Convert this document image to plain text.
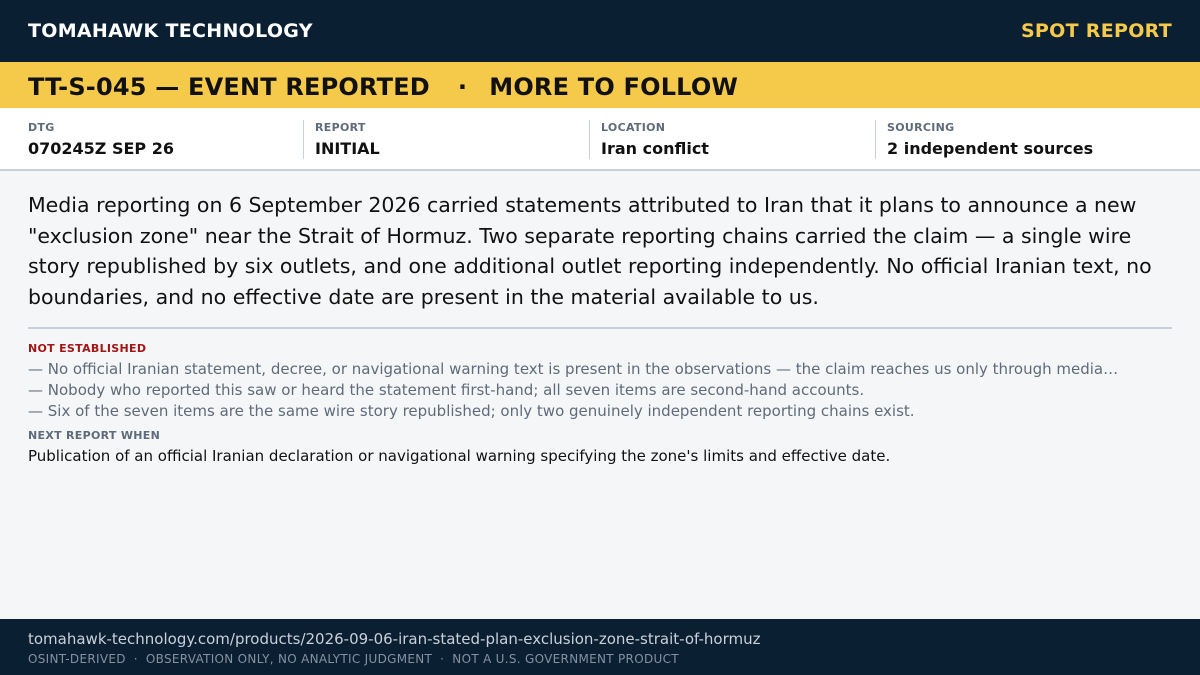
TOMAHAWK TECHNOLOGY	SPOT REPORT
TT-S-045 — EVENT REPORTED · MORE TO FOLLOW
DTG
070245Z SEP 26
REPORT
INITIAL
LOCATION
Iran conflict
SOURCING
2 independent sources

Media reporting on 6 September 2026 carried statements attributed to Iran that it plans to announce a new "exclusion zone" near the Strait of Hormuz. Two separate reporting chains carried the claim — a single wire story republished by six outlets, and one additional outlet reporting independently. No official Iranian text, no boundaries, and no effective date are present in the material available to us.

NOT ESTABLISHED
— No official Iranian statement, decree, or navigational warning text is present in the observations — the claim reaches us only through media…
— Nobody who reported this saw or heard the statement first-hand; all seven items are second-hand accounts.
— Six of the seven items are the same wire story republished; only two genuinely independent reporting chains exist.
NEXT REPORT WHEN
Publication of an official Iranian declaration or navigational warning specifying the zone's limits and effective date.
tomahawk-technology.com/products/2026-09-06-iran-stated-plan-exclusion-zone-strait-of-hormuz
OSINT-DERIVED · OBSERVATION ONLY, NO ANALYTIC JUDGMENT · NOT A U.S. GOVERNMENT PRODUCT
